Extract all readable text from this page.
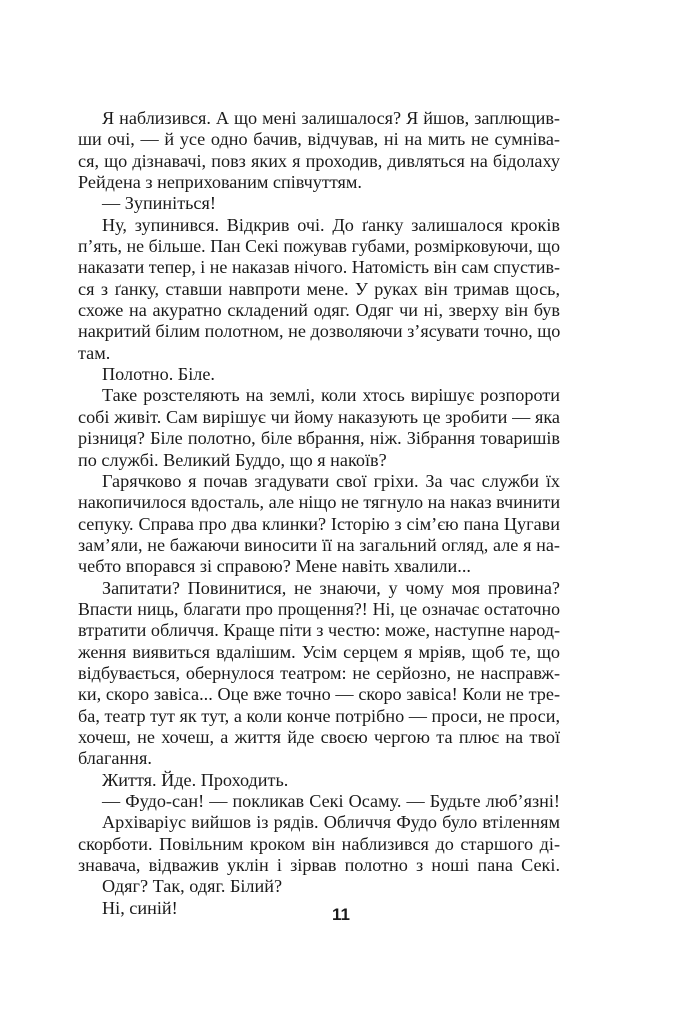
Я наблизився. А що мені залишалося? Я йшов, заплющив-
ши очі, — й усе одно бачив, відчував, ні на мить не сумніва-
ся, що дізнавачі, повз яких я проходив, дивляться на бідолаху
Рейдена з неприхованим співчуттям.
— Зупиніться!
Ну, зупинився. Відкрив очі. До ґанку залишалося кроків
п’ять, не більше. Пан Секі пожував губами, розмірковуючи, що
наказати тепер, і не наказав нічого. Натомість він сам спустив-
ся з ґанку, ставши навпроти мене. У руках він тримав щось,
схоже на акуратно складений одяг. Одяг чи ні, зверху він був
накритий білим полотном, не дозволяючи з’ясувати точно, що
там.
Полотно. Біле.
Таке розстеляють на землі, коли хтось вирішує розпороти
собі живіт. Сам вирішує чи йому наказують це зробити — яка
різниця? Біле полотно, біле вбрання, ніж. Зібрання товаришів
по службі. Великий Буддо, що я накоїв?
Гарячково я почав згадувати свої гріхи. За час служби їх
накопичилося вдосталь, але ніщо не тягнуло на наказ вчинити
сепуку. Справа про два клинки? Історію з сім’єю пана Цугави
зам’яли, не бажаючи виносити її на загальний огляд, але я на-
чебто впорався зі справою? Мене навіть хвалили...
Запитати? Повинитися, не знаючи, у чому моя провина?
Впасти ниць, благати про прощення?! Ні, це означає остаточно
втратити обличчя. Краще піти з честю: може, наступне народ-
ження виявиться вдалішим. Усім серцем я мріяв, щоб те, що
відбувається, обернулося театром: не серйозно, не насправж-
ки, скоро завіса... Оце вже точно — скоро завіса! Коли не тре-
ба, театр тут як тут, а коли конче потрібно — проси, не проси,
хочеш, не хочеш, а життя йде своєю чергою та плює на твої
благання.
Життя. Йде. Проходить.
— Фудо-сан! — покликав Секі Осаму. — Будьте люб’язні!
Архіваріус вийшов із рядів. Обличчя Фудо було втіленням
скорботи. Повільним кроком він наблизився до старшого ді-
знавача, відважив уклін і зірвав полотно з ноші пана Секі.
Одяг? Так, одяг. Білий?
Ні, синій!	11
